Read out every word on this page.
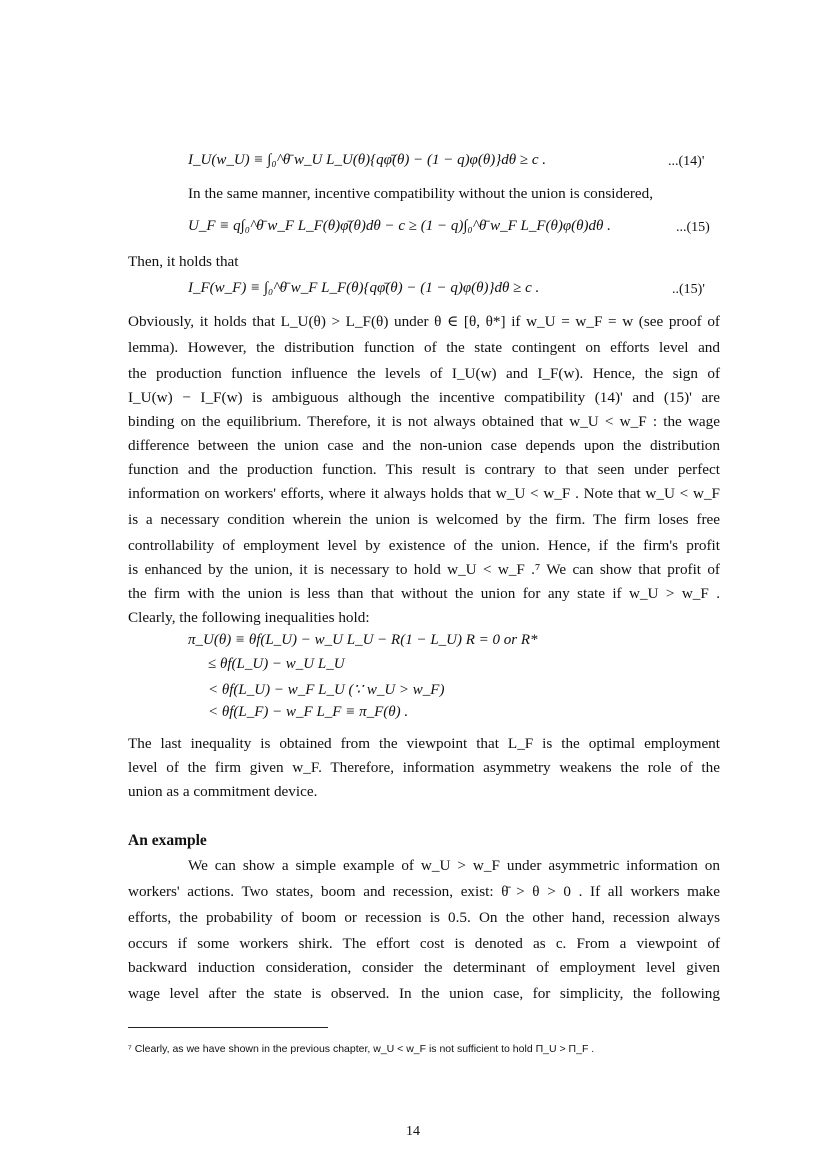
I_U(w_U) ≡ ∫₀^θ̄ w_U L_U(θ){qφ̄(θ) − (1 − q)φ(θ)}dθ ≥ c .	...(14)'
In the same manner, incentive compatibility without the union is considered,
U_F ≡ q∫₀^θ̄ w_F L_F(θ)φ̄(θ)dθ − c ≥ (1 − q)∫₀^θ̄ w_F L_F(θ)φ(θ)dθ .	...(15)
Then, it holds that
I_F(w_F) ≡ ∫₀^θ̄ w_F L_F(θ){qφ̄(θ) − (1 − q)φ(θ)}dθ ≥ c .	..(15)'
Obviously, it holds that L_U(θ) > L_F(θ) under θ ∈ [θ, θ*] if w_U = w_F = w (see proof of
lemma). However, the distribution function of the state contingent on efforts level and
the production function influence the levels of I_U(w) and I_F(w). Hence, the sign of
I_U(w) − I_F(w) is ambiguous although the incentive compatibility (14)' and (15)' are
binding on the equilibrium. Therefore, it is not always obtained that w_U < w_F : the wage
difference between the union case and the non-union case depends upon the distribution
function and the production function. This result is contrary to that seen under perfect
information on workers' efforts, where it always holds that w_U < w_F . Note that w_U < w_F
is a necessary condition wherein the union is welcomed by the firm. The firm loses free
controllability of employment level by existence of the union. Hence, if the firm's profit
is enhanced by the union, it is necessary to hold w_U < w_F .⁷ We can show that profit of
the firm with the union is less than that without the union for any state if w_U > w_F .
Clearly, the following inequalities hold:
π_U(θ) ≡ θf(L_U) − w_U L_U − R(1 − L_U) R = 0 or R*
≤ θf(L_U) − w_U L_U
< θf(L_U) − w_F L_U (∵ w_U > w_F)
< θf(L_F) − w_F L_F ≡ π_F(θ) .
The last inequality is obtained from the viewpoint that L_F is the optimal employment
level of the firm given w_F. Therefore, information asymmetry weakens the role of the
union as a commitment device.
An example
We can show a simple example of w_U > w_F under asymmetric information on
workers' actions. Two states, boom and recession, exist: θ̄ > θ > 0 . If all workers make
efforts, the probability of boom or recession is 0.5. On the other hand, recession always
occurs if some workers shirk. The effort cost is denoted as c. From a viewpoint of
backward induction consideration, consider the determinant of employment level given
wage level after the state is observed. In the union case, for simplicity, the following
⁷ Clearly, as we have shown in the previous chapter, w_U < w_F is not sufficient to hold Π_U > Π_F .
14
